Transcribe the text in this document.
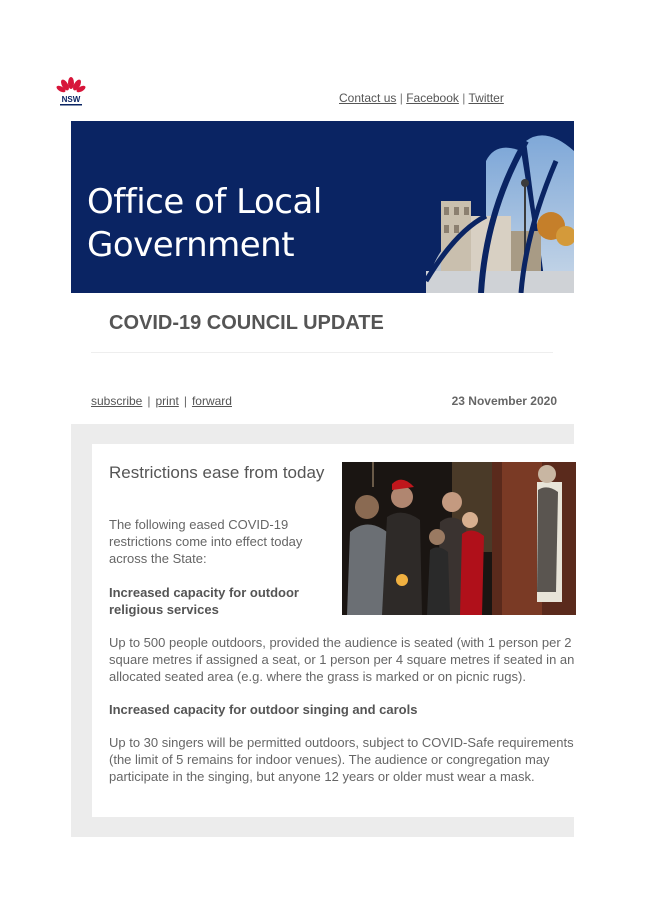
NSW	Contact us | Facebook | Twitter
Office of Local
Government
COVID-19 COUNCIL UPDATE
subscribe | print | forward	23 November 2020
Restrictions ease from today

The following eased COVID-19 restrictions come into effect today across the State:

Increased capacity for outdoor religious services

Up to 500 people outdoors, provided the audience is seated (with 1 person per 2 square metres if assigned a seat, or 1 person per 4 square metres if seated in an allocated seated area (e.g. where the grass is marked or on picnic rugs).

Increased capacity for outdoor singing and carols

Up to 30 singers will be permitted outdoors, subject to COVID-Safe requirements (the limit of 5 remains for indoor venues). The audience or congregation may participate in the singing, but anyone 12 years or older must wear a mask.
